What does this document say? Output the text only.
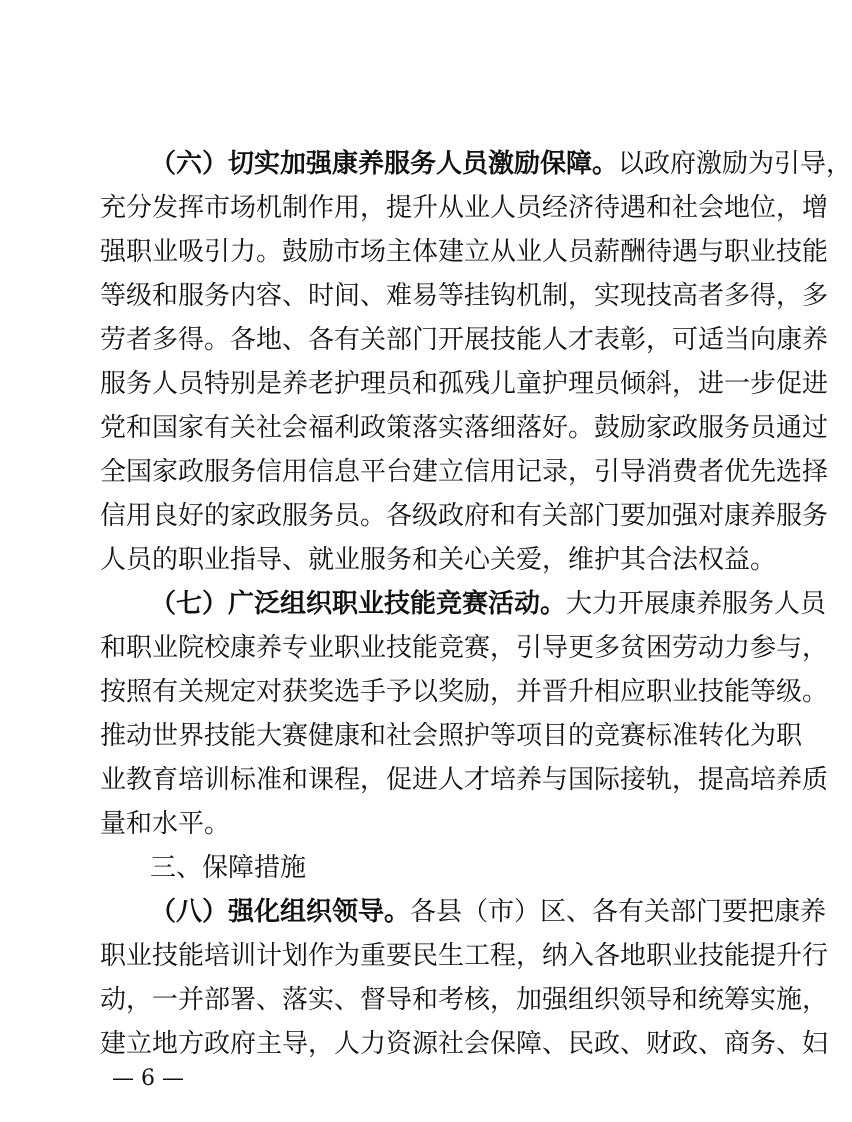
（六）切实加强康养服务人员激励保障。以政府激励为引导，
充分发挥市场机制作用，提升从业人员经济待遇和社会地位，增
强职业吸引力。鼓励市场主体建立从业人员薪酬待遇与职业技能
等级和服务内容、时间、难易等挂钩机制，实现技高者多得，多
劳者多得。各地、各有关部门开展技能人才表彰，可适当向康养
服务人员特别是养老护理员和孤残儿童护理员倾斜，进一步促进
党和国家有关社会福利政策落实落细落好。鼓励家政服务员通过
全国家政服务信用信息平台建立信用记录，引导消费者优先选择
信用良好的家政服务员。各级政府和有关部门要加强对康养服务
人员的职业指导、就业服务和关心关爱，维护其合法权益。
（七）广泛组织职业技能竞赛活动。大力开展康养服务人员
和职业院校康养专业职业技能竞赛，引导更多贫困劳动力参与，
按照有关规定对获奖选手予以奖励，并晋升相应职业技能等级。
推动世界技能大赛健康和社会照护等项目的竞赛标准转化为职
业教育培训标准和课程，促进人才培养与国际接轨，提高培养质
量和水平。
三、保障措施
（八）强化组织领导。各县（市）区、各有关部门要把康养
职业技能培训计划作为重要民生工程，纳入各地职业技能提升行
动，一并部署、落实、督导和考核，加强组织领导和统筹实施，
建立地方政府主导，人力资源社会保障、民政、财政、商务、妇
— 6 —
